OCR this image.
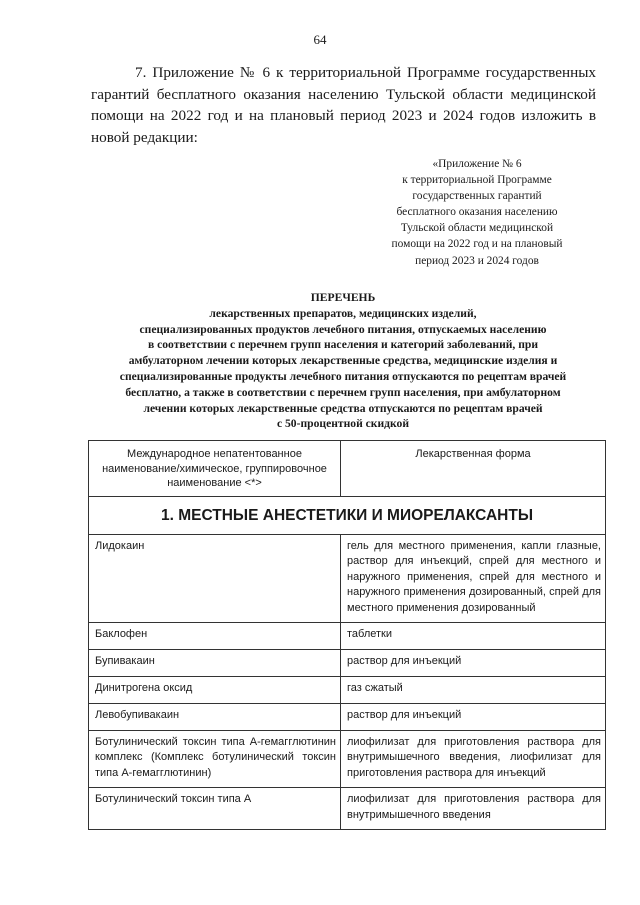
64

7. Приложение № 6 к территориальной Программе государственных гарантий бесплатного оказания населению Тульской области медицинской помощи на 2022 год и на плановый период 2023 и 2024 годов изложить в новой редакции:

«Приложение № 6
к территориальной Программе
государственных гарантий
бесплатного оказания населению
Тульской области медицинской
помощи на 2022 год и на плановый
период 2023 и 2024 годов
ПЕРЕЧЕНЬ
лекарственных препаратов, медицинских изделий,
специализированных продуктов лечебного питания, отпускаемых населению
в соответствии с перечнем групп населения и категорий заболеваний, при
амбулаторном лечении которых лекарственные средства, медицинские изделия и
специализированные продукты лечебного питания отпускаются по рецептам врачей
бесплатно, а также в соответствии с перечнем групп населения, при амбулаторном
лечении которых лекарственные средства отпускаются по рецептам врачей
с 50-процентной скидкой
Международное непатентованное наименование/химическое, группировочное наименование <*>	Лекарственная форма
1. МЕСТНЫЕ АНЕСТЕТИКИ И МИОРЕЛАКСАНТЫ	
Лидокаин	гель для местного применения, капли глазные, раствор для инъекций, спрей для местного и наружного применения, спрей для местного и наружного применения дозированный, спрей для местного применения дозированный
Баклофен	таблетки
Бупивакаин	раствор для инъекций
Динитрогена оксид	газ сжатый
Левобупивакаин	раствор для инъекций
Ботулинический токсин типа А-гемагглютинин комплекс (Комплекс ботулинический токсин типа А-гемагглютинин)	лиофилизат для приготовления раствора для внутримышечного введения, лиофилизат для приготовления раствора для инъекций
Ботулинический токсин типа А	лиофилизат для приготовления раствора для внутримышечного введения
